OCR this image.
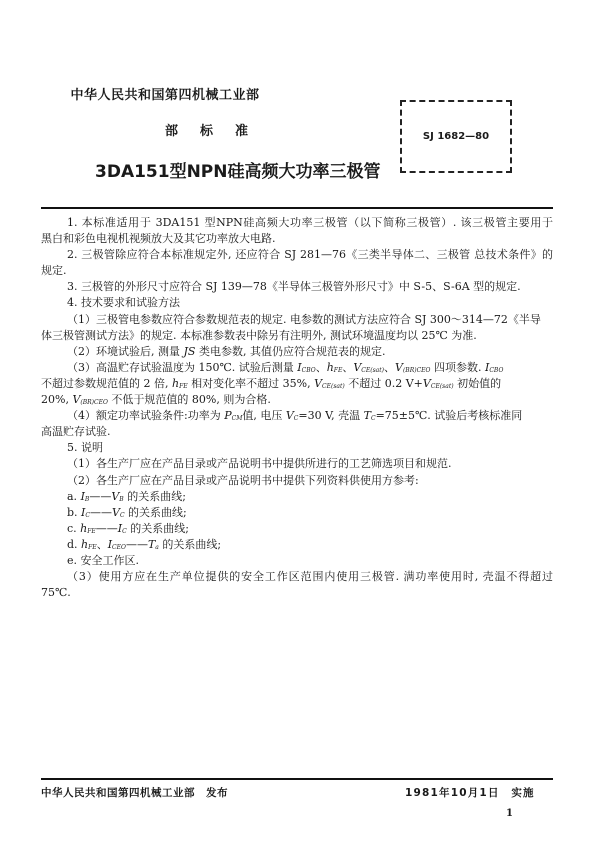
中华人民共和国第四机械工业部
部标准
3DA151型NPN硅高频大功率三极管
SJ 1682—80
1. 本标准适用于 3DA151 型NPN硅高频大功率三极管（以下简称三极管）. 该三极管主要用于
黑白和彩色电视机视频放大及其它功率放大电路.
2. 三极管除应符合本标准规定外, 还应符合 SJ 281—76《三类半导体二、三极管 总技术条件》的
规定.
3. 三极管的外形尺寸应符合 SJ 139—78《半导体三极管外形尺寸》中 S-5、S-6A 型的规定.
4. 技术要求和试验方法
（1）三极管电参数应符合参数规范表的规定. 电参数的测试方法应符合 SJ 300～314—72《半导
体三极管测试方法》的规定. 本标准参数表中除另有注明外, 测试环境温度均以 25℃ 为准.
（2）环境试验后, 测量 JS 类电参数, 其值仍应符合规范表的规定.
（3）高温贮存试验温度为 150℃. 试验后测量 $I_{CBO}$、$h_{FE}$、$V_{CE(sat)}$、$V_{(BR)CEO}$ 四项参数. $I_{CBO}$
不超过参数规范值的 2 倍, $h_{FE}$ 相对变化率不超过 35%, $V_{CE(sat)}$ 不超过 0.2 $V+V_{CE(sat)}$ 初始值的
20%, $V_{(BR)CEO}$ 不低于规范值的 80%, 则为合格.
（4）额定功率试验条件:功率为 $P_{CM}$值, 电压 $V_C=30$ V, 壳温 $T_C=75\pm 5℃$. 试验后考核标准同
高温贮存试验.
5. 说明
（1）各生产厂应在产品目录或产品说明书中提供所进行的工艺筛选项目和规范.
（2）各生产厂应在产品目录或产品说明书中提供下列资料供使用方参考:
a. $I_B——V_B$ 的关系曲线;
b. $I_C——V_C$ 的关系曲线;
c. $h_{FE}——I_C$ 的关系曲线;
d. $h_{FE}$、$I_{CEO}——T_a$ 的关系曲线;
e. 安全工作区.
（3）使用方应在生产单位提供的安全工作区范围内使用三极管. 满功率使用时, 壳温不得超过
75℃.
中华人民共和国第四机械工业部　发布	1981年10月1日　实施
1
